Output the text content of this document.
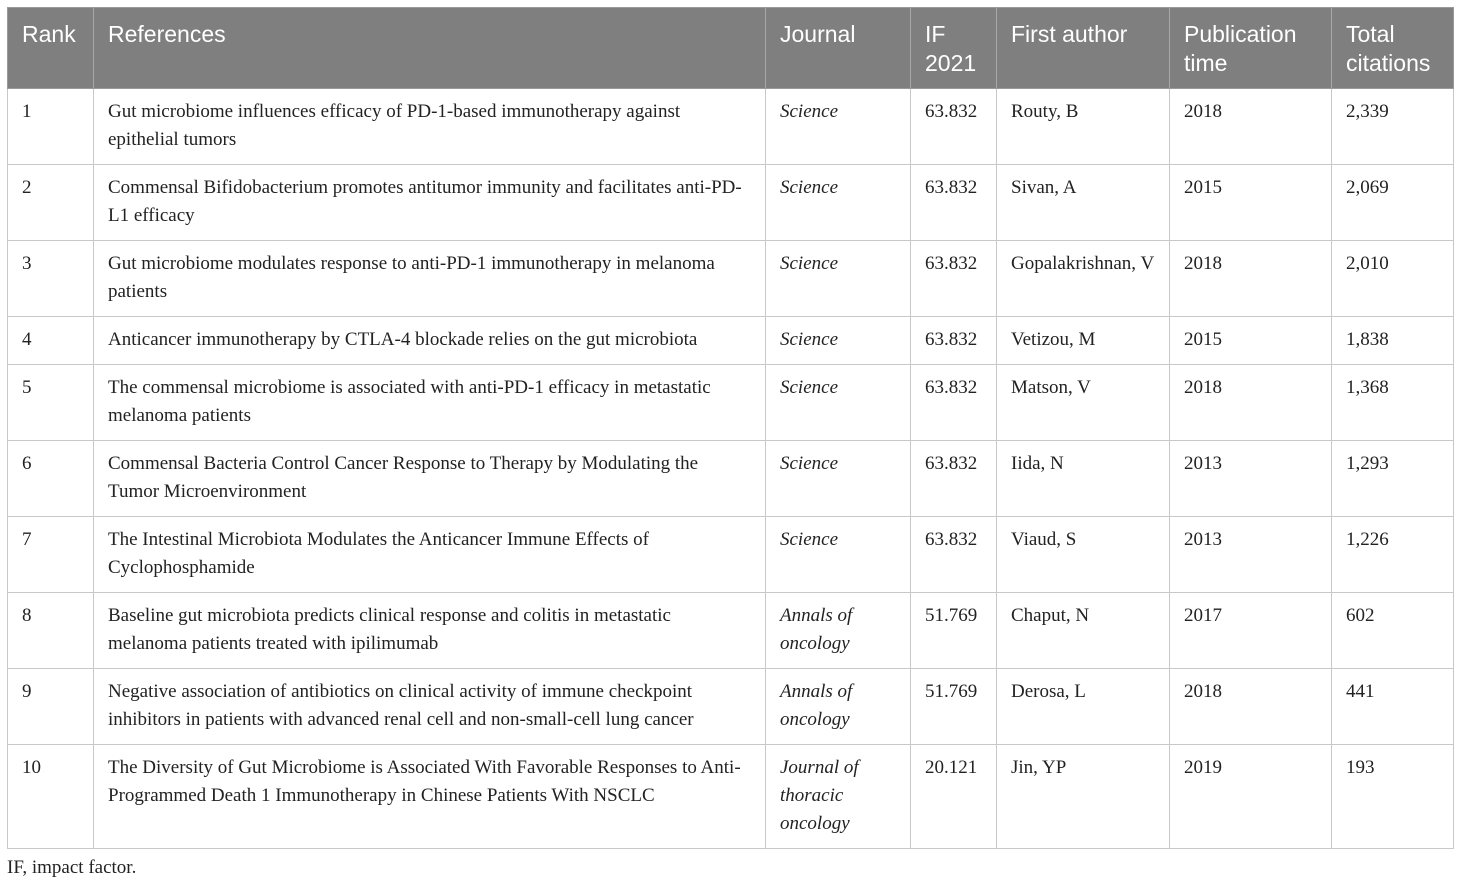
Rank	References	Journal	IF 2021	First author	Publication time	Total citations
1	Gut microbiome influences efficacy of PD-1-based immunotherapy against epithelial tumors	Science	63.832	Routy, B	2018	2,339
2	Commensal Bifidobacterium promotes antitumor immunity and facilitates anti-PD-L1 efficacy	Science	63.832	Sivan, A	2015	2,069
3	Gut microbiome modulates response to anti-PD-1 immunotherapy in melanoma patients	Science	63.832	Gopalakrishnan, V	2018	2,010
4	Anticancer immunotherapy by CTLA-4 blockade relies on the gut microbiota	Science	63.832	Vetizou, M	2015	1,838
5	The commensal microbiome is associated with anti-PD-1 efficacy in metastatic melanoma patients	Science	63.832	Matson, V	2018	1,368
6	Commensal Bacteria Control Cancer Response to Therapy by Modulating the Tumor Microenvironment	Science	63.832	Iida, N	2013	1,293
7	The Intestinal Microbiota Modulates the Anticancer Immune Effects of Cyclophosphamide	Science	63.832	Viaud, S	2013	1,226
8	Baseline gut microbiota predicts clinical response and colitis in metastatic melanoma patients treated with ipilimumab	Annals of oncology	51.769	Chaput, N	2017	602
9	Negative association of antibiotics on clinical activity of immune checkpoint inhibitors in patients with advanced renal cell and non-small-cell lung cancer	Annals of oncology	51.769	Derosa, L	2018	441
10	The Diversity of Gut Microbiome is Associated With Favorable Responses to Anti-Programmed Death 1 Immunotherapy in Chinese Patients With NSCLC	Journal of thoracic oncology	20.121	Jin, YP	2019	193
IF, impact factor.
